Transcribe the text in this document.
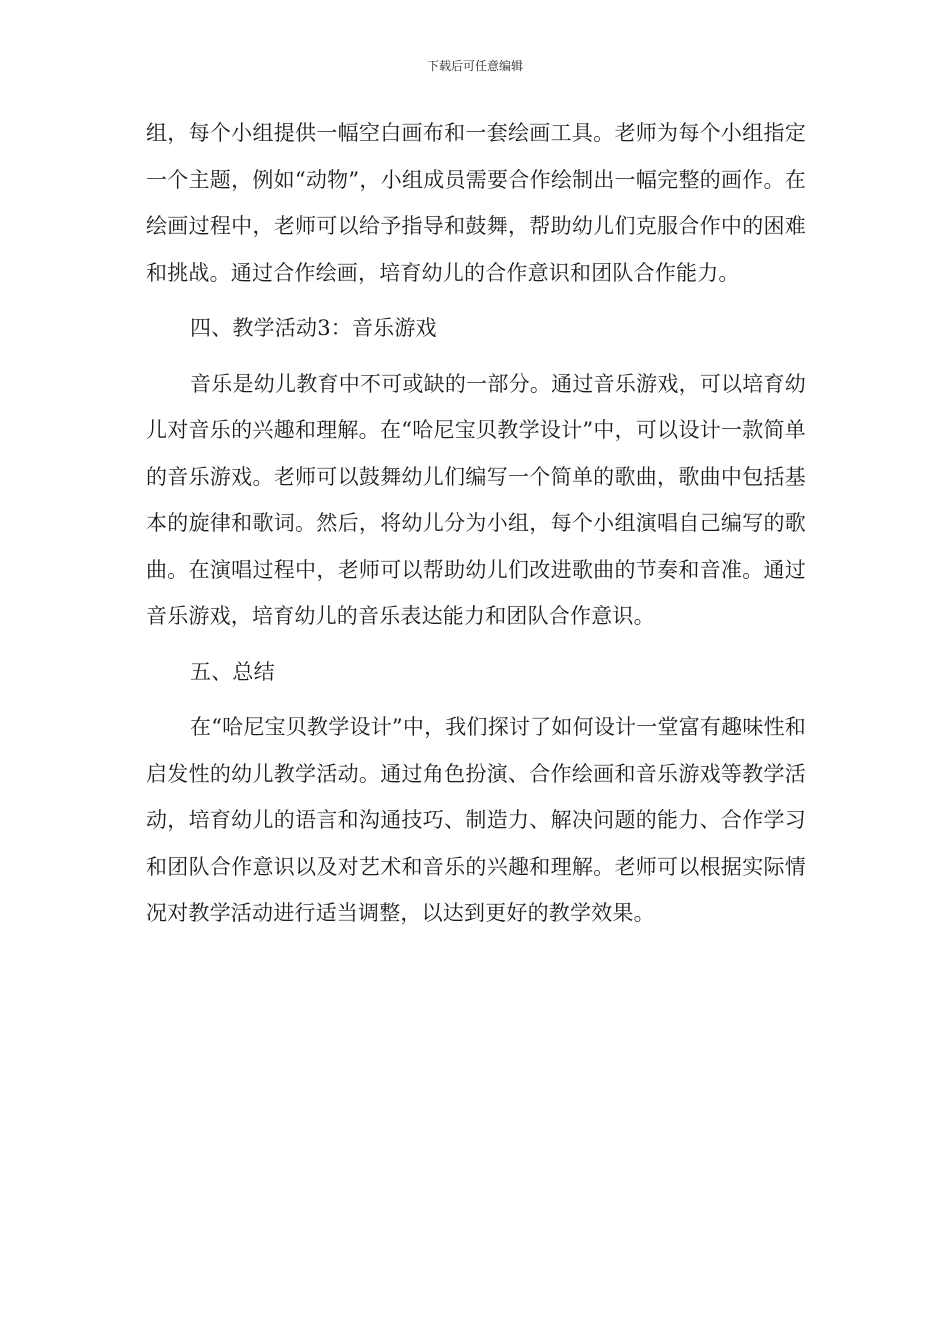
下载后可任意编辑

组，每个小组提供一幅空白画布和一套绘画工具。老师为每个小组指定一个主题，例如“动物”，小组成员需要合作绘制出一幅完整的画作。在绘画过程中，老师可以给予指导和鼓舞，帮助幼儿们克服合作中的困难和挑战。通过合作绘画，培育幼儿的合作意识和团队合作能力。

四、教学活动3：音乐游戏

音乐是幼儿教育中不可或缺的一部分。通过音乐游戏，可以培育幼儿对音乐的兴趣和理解。在“哈尼宝贝教学设计”中，可以设计一款简单的音乐游戏。老师可以鼓舞幼儿们编写一个简单的歌曲，歌曲中包括基本的旋律和歌词。然后，将幼儿分为小组，每个小组演唱自己编写的歌曲。在演唱过程中，老师可以帮助幼儿们改进歌曲的节奏和音准。通过音乐游戏，培育幼儿的音乐表达能力和团队合作意识。

五、总结

在“哈尼宝贝教学设计”中，我们探讨了如何设计一堂富有趣味性和启发性的幼儿教学活动。通过角色扮演、合作绘画和音乐游戏等教学活动，培育幼儿的语言和沟通技巧、制造力、解决问题的能力、合作学习和团队合作意识以及对艺术和音乐的兴趣和理解。老师可以根据实际情况对教学活动进行适当调整，以达到更好的教学效果。
